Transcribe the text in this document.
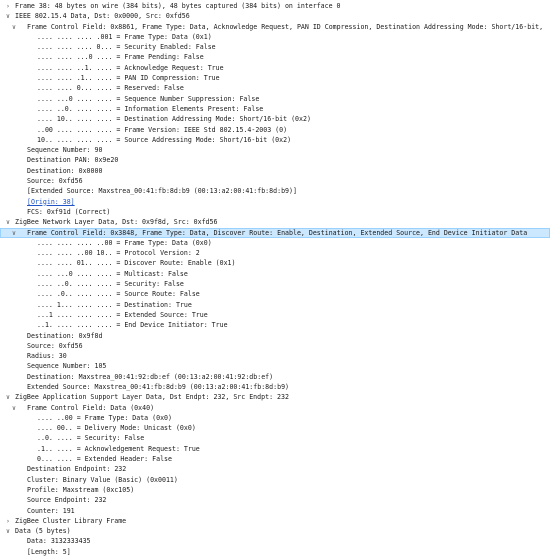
› Frame 38: 48 bytes on wire (384 bits), 48 bytes captured (384 bits) on interface 0
∨ IEEE 802.15.4 Data, Dst: 0x0000, Src: 0xfd56
∨	Frame Control Field: 0x8861, Frame Type: Data, Acknowledge Request, PAN ID Compression, Destination Addressing Mode: Short/16-bit,
.... .... .... .001 = Frame Type: Data (0x1)
.... .... .... 0... = Security Enabled: False
.... .... ...0 .... = Frame Pending: False
.... .... ..1. .... = Acknowledge Request: True
.... .... .1.. .... = PAN ID Compression: True
.... .... 0... .... = Reserved: False
.... ...0 .... .... = Sequence Number Suppression: False
.... ..0. .... .... = Information Elements Present: False
.... 10.. .... .... = Destination Addressing Mode: Short/16-bit (0x2)
..00 .... .... .... = Frame Version: IEEE Std 802.15.4-2003 (0)
10.. .... .... .... = Source Addressing Mode: Short/16-bit (0x2)
Sequence Number: 90
Destination PAN: 0x9e20
Destination: 0x0000
Source: 0xfd56
[Extended Source: Maxstrea_00:41:fb:8d:b9 (00:13:a2:00:41:fb:8d:b9)]
[Origin: 38]
FCS: 0xf91d (Correct)
∨ ZigBee Network Layer Data, Dst: 0x9f8d, Src: 0xfd56
∨	Frame Control Field: 0x3848, Frame Type: Data, Discover Route: Enable, Destination, Extended Source, End Device Initiator Data
.... .... .... ..00 = Frame Type: Data (0x0)
.... .... ..00 10.. = Protocol Version: 2
.... .... 01.. .... = Discover Route: Enable (0x1)
.... ...0 .... .... = Multicast: False
.... ..0. .... .... = Security: False
.... .0.. .... .... = Source Route: False
.... 1... .... .... = Destination: True
...1 .... .... .... = Extended Source: True
..1. .... .... .... = End Device Initiator: True
Destination: 0x9f8d
Source: 0xfd56
Radius: 30
Sequence Number: 105
Destination: Maxstrea_00:41:92:db:ef (00:13:a2:00:41:92:db:ef)
Extended Source: Maxstrea_00:41:fb:8d:b9 (00:13:a2:00:41:fb:8d:b9)
∨ ZigBee Application Support Layer Data, Dst Endpt: 232, Src Endpt: 232
∨	Frame Control Field: Data (0x40)
.... ..00 = Frame Type: Data (0x0)
.... 00.. = Delivery Mode: Unicast (0x0)
..0. .... = Security: False
.1.. .... = Acknowledgement Request: True
0... .... = Extended Header: False
Destination Endpoint: 232
Cluster: Binary Value (Basic) (0x0011)
Profile: Maxstream (0xc105)
Source Endpoint: 232
Counter: 191
› ZigBee Cluster Library Frame
∨ Data (5 bytes)
Data: 3132333435
[Length: 5]
